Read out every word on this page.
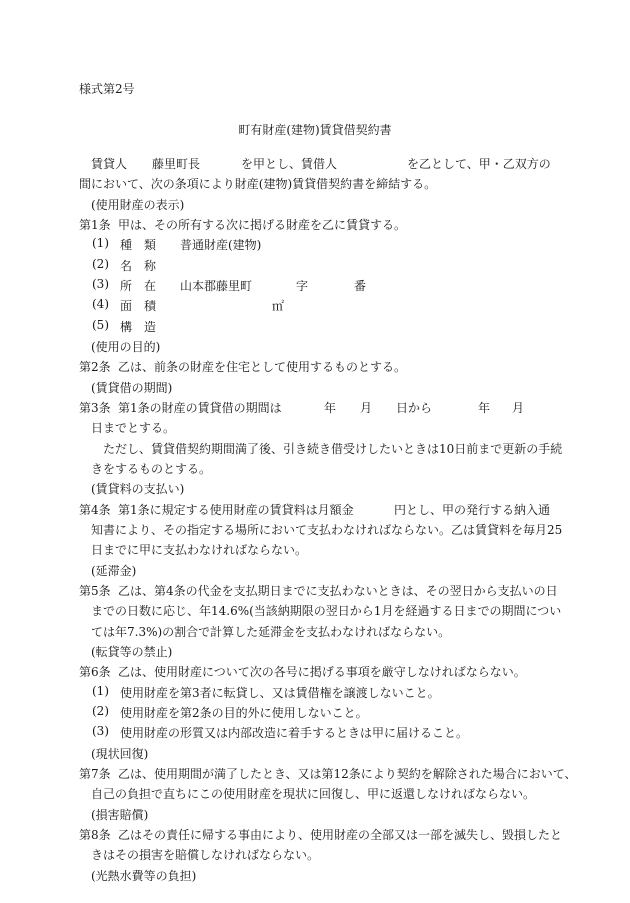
様式第2号
町有財産(建物)賃貸借契約書
賃貸人 藤里町長	を甲とし、賃借人	を乙として、甲・乙双方の
間において、次の条項により財産(建物)賃貸借契約書を締結する。
(使用財産の表示)
第1条 甲は、その所有する次に掲げる財産を乙に賃貸する。
(1) 種　類 普通財産(建物)
(2) 名　称
(3) 所　在 山本郡藤里町	字	番
(4) 面　積	㎡
(5) 構　造
(使用の目的)
第2条 乙は、前条の財産を住宅として使用するものとする。
(賃貸借の期間)
第3条 第1条の財産の賃貸借の期間は	年 月 日から	年 月
日までとする。
ただし、賃貸借契約期間満了後、引き続き借受けしたいときは10日前まで更新の手続
きをするものとする。
(賃貸料の支払い)
第4条 第1条に規定する使用財産の賃貸料は月額金	円とし、甲の発行する納入通
知書により、その指定する場所において支払わなければならない。乙は賃貸料を毎月25
日までに甲に支払わなければならない。
(延滞金)
第5条 乙は、第4条の代金を支払期日までに支払わないときは、その翌日から支払いの日
までの日数に応じ、年14.6%(当該納期限の翌日から1月を経過する日までの期間につい
ては年7.3%)の割合で計算した延滞金を支払わなければならない。
(転貸等の禁止)
第6条 乙は、使用財産について次の各号に掲げる事項を厳守しなければならない。
(1) 使用財産を第3者に転貸し、又は賃借権を譲渡しないこと。
(2) 使用財産を第2条の目的外に使用しないこと。
(3) 使用財産の形質又は内部改造に着手するときは甲に届けること。
(現状回復)
第7条 乙は、使用期間が満了したとき、又は第12条により契約を解除された場合において、
自己の負担で直ちにこの使用財産を現状に回復し、甲に返還しなければならない。
(損害賠償)
第8条 乙はその責任に帰する事由により、使用財産の全部又は一部を滅失し、毀損したと
きはその損害を賠償しなければならない。
(光熱水費等の負担)
